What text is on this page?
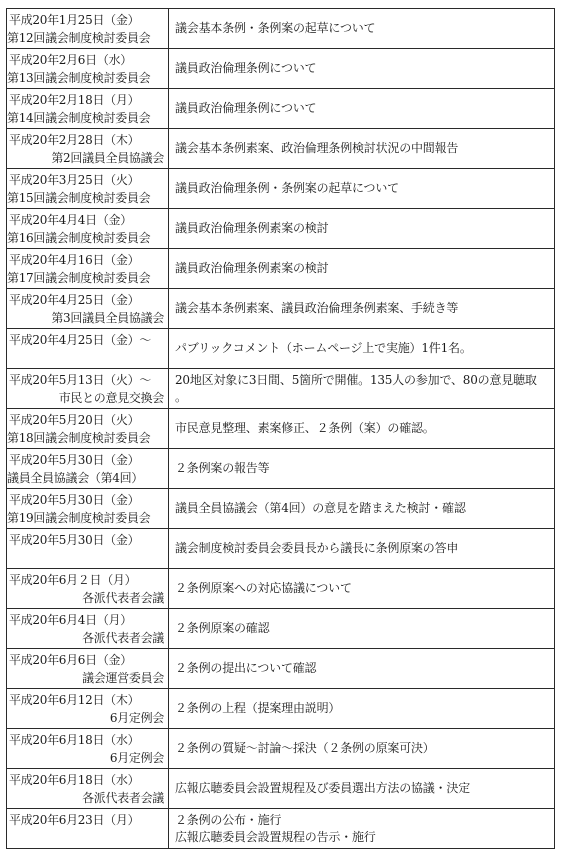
平成20年1月25日（金）
第12回議会制度検討委員会	議会基本条例・条例案の起草について

平成20年2月6日（水）
第13回議会制度検討委員会	議員政治倫理条例について

平成20年2月18日（月）
第14回議会制度検討委員会	議員政治倫理条例について

平成20年2月28日（木）
第2回議員全員協議会	議会基本条例素案、政治倫理条例検討状況の中間報告

平成20年3月25日（火）
第15回議会制度検討委員会	議員政治倫理条例・条例案の起草について

平成20年4月4日（金）
第16回議会制度検討委員会	議員政治倫理条例素案の検討

平成20年4月16日（金）
第17回議会制度検討委員会	議員政治倫理条例素案の検討

平成20年4月25日（金）
第3回議員全員協議会	議会基本条例素案、議員政治倫理条例素案、手続き等

平成20年4月25日（金）～	パブリックコメント（ホームページ上で実施）1件1名。

平成20年5月13日（火）～
市民との意見交換会	20地区対象に3日間、5箇所で開催。135人の参加で、80の意見聴取
。

平成20年5月20日（火）
第18回議会制度検討委員会	市民意見整理、素案修正、２条例（案）の確認。

平成20年5月30日（金）
議員全員協議会（第4回）	２条例案の報告等

平成20年5月30日（金）
第19回議会制度検討委員会	議員全員協議会（第4回）の意見を踏まえた検討・確認

平成20年5月30日（金）	議会制度検討委員会委員長から議長に条例原案の答申

平成20年6月２日（月）
各派代表者会議	２条例原案への対応協議について

平成20年6月4日（月）
各派代表者会議	２条例原案の確認

平成20年6月6日（金）
議会運営委員会	２条例の提出について確認

平成20年6月12日（木）
6月定例会	２条例の上程（提案理由説明）

平成20年6月18日（水）
6月定例会	２条例の質疑～討論～採決（２条例の原案可決）

平成20年6月18日（水）
各派代表者会議	広報広聴委員会設置規程及び委員選出方法の協議・決定

平成20年6月23日（月）	２条例の公布・施行
広報広聴委員会設置規程の告示・施行
